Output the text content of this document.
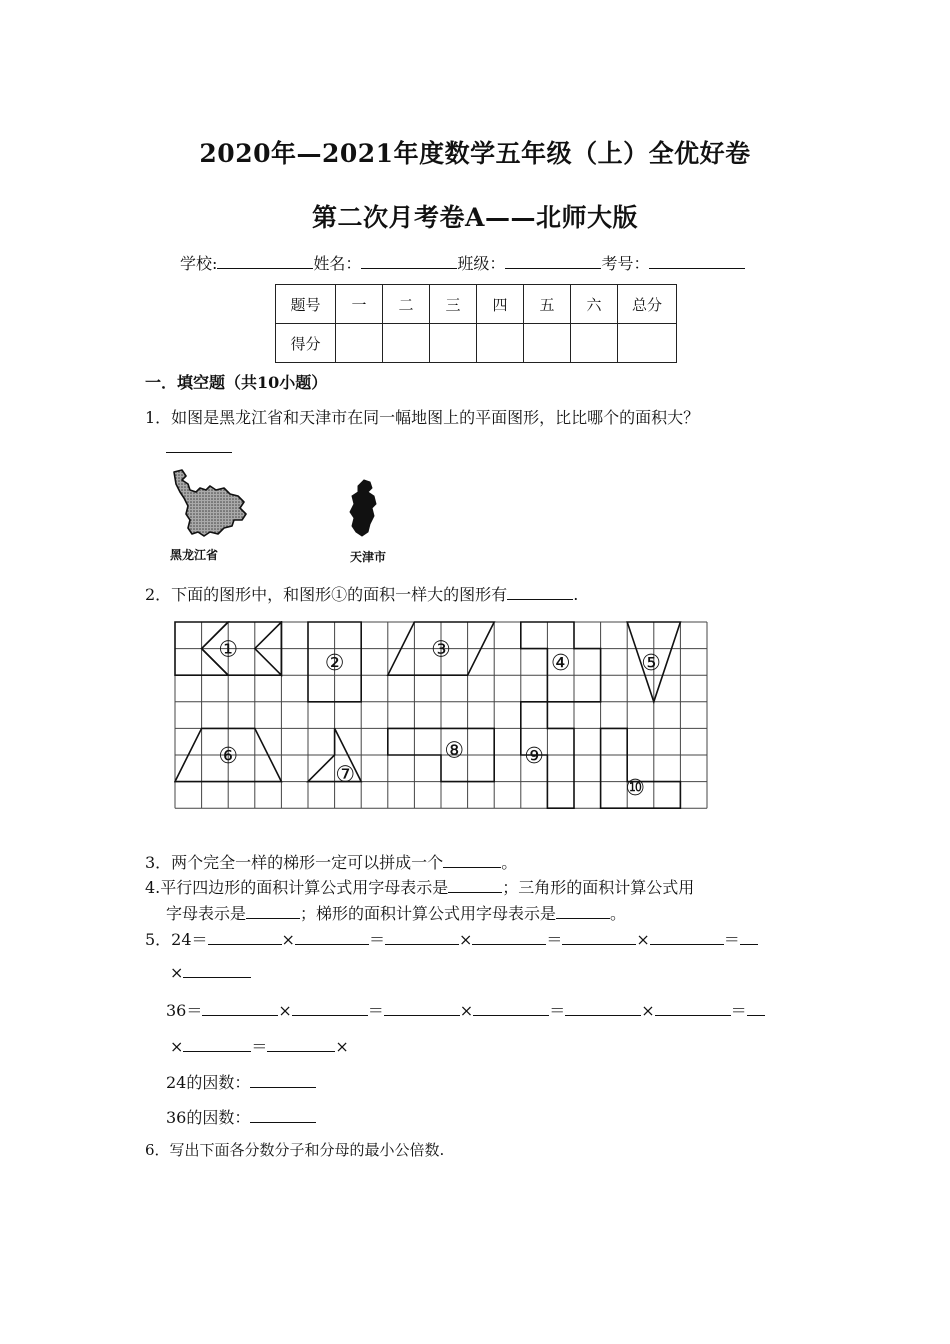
2020年—2021年度数学五年级（上）全优好卷
第二次月考卷A——北师大版
学校:	姓名：	班级：	考号：
题号	一	二	三	四	五	六	总分
得分							
一．填空题（共10小题）
1．如图是黑龙江省和天津市在同一幅地图上的平面图形，比比哪个的面积大？
黑龙江省	天津市
2．下面的图形中，和图形①的面积一样大的图形有	.
①
②
③
④	⑤
⑥
⑦
⑧	⑨
⑩
3．两个完全一样的梯形一定可以拼成一个	。
4.平行四边形的面积计算公式用字母表示是	；三角形的面积计算公式用
字母表示是	；梯形的面积计算公式用字母表示是	。
5．24＝	×	＝	×	＝	×	＝
×
36＝	×	＝	×	＝	×	＝
×	＝	×
24的因数：
36的因数：
6．写出下面各分数分子和分母的最小公倍数.
